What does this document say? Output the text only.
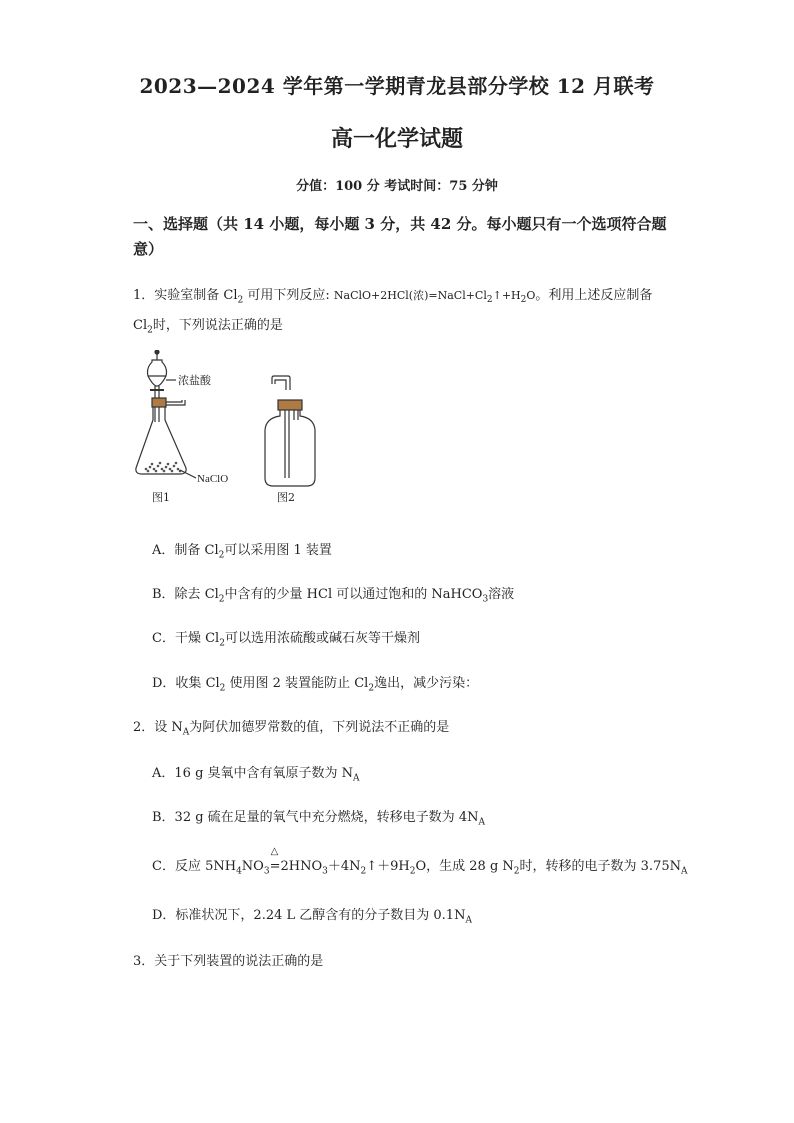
2023—2024 学年第一学期青龙县部分学校 12 月联考
高一化学试题
分值：100 分 考试时间：75 分钟
一、选择题（共 14 小题，每小题 3 分，共 42 分。每小题只有一个选项符合题意）
1．实验室制备 $Cl_2$ 可用下列反应: NaClO+2HCl(浓)$=NaCl+Cl_2↑+H_2O$。利用上述反应制备
$Cl_2$时，下列说法正确的是
浓盐酸
NaClO
图1	图2
A．制备 $Cl_2$可以采用图 1 装置
B．除去 $Cl_2$中含有的少量 HCl 可以通过饱和的 NaHCO$_3$溶液
C．干燥 $Cl_2$可以选用浓硫酸或碱石灰等干燥剂
D．收集 $Cl_2$ 使用图 2 装置能防止 $Cl_2$逸出，减少污染：
2．设 $N_A$为阿伏加德罗常数的值，下列说法不正确的是
A．16 g 臭氧中含有氧原子数为 $N_A$
B．32 g 硫在足量的氧气中充分燃烧，转移电子数为 $4N_A$
C．反应 $5NH_4NO_3$
△
$=2HNO_3+4N_2↑+9H_2O$，生成 28 g $N_2$时，转移的电子数为 $3.75N_A$
D．标准状况下，2.24 L 乙醇含有的分子数目为 $0.1N_A$
3．关于下列装置的说法正确的是
